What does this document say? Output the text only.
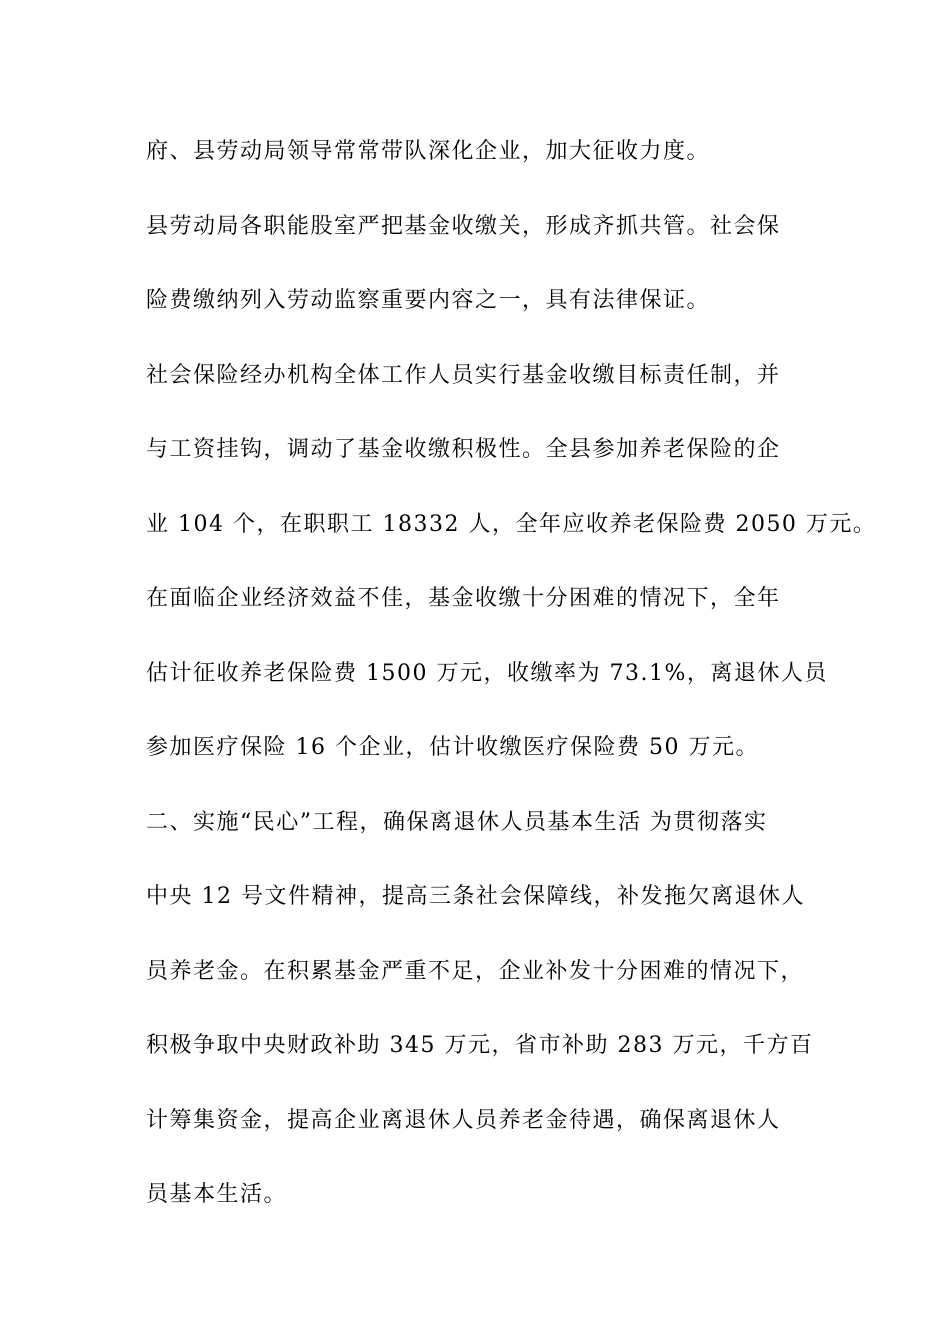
府、县劳动局领导常常带队深化企业，加大征收力度。
县劳动局各职能股室严把基金收缴关，形成齐抓共管。社会保
险费缴纳列入劳动监察重要内容之一，具有法律保证。
社会保险经办机构全体工作人员实行基金收缴目标责任制，并
与工资挂钩，调动了基金收缴积极性。全县参加养老保险的企
业 104 个，在职职工 18332 人，全年应收养老保险费 2050 万元。
在面临企业经济效益不佳，基金收缴十分困难的情况下，全年
估计征收养老保险费 1500 万元，收缴率为 73.1%，离退休人员
参加医疗保险 16 个企业，估计收缴医疗保险费 50 万元。
二、实施“民心”工程，确保离退休人员基本生活 为贯彻落实
中央 12 号文件精神，提高三条社会保障线，补发拖欠离退休人
员养老金。在积累基金严重不足，企业补发十分困难的情况下，
积极争取中央财政补助 345 万元，省市补助 283 万元，千方百
计筹集资金，提高企业离退休人员养老金待遇，确保离退休人
员基本生活。
